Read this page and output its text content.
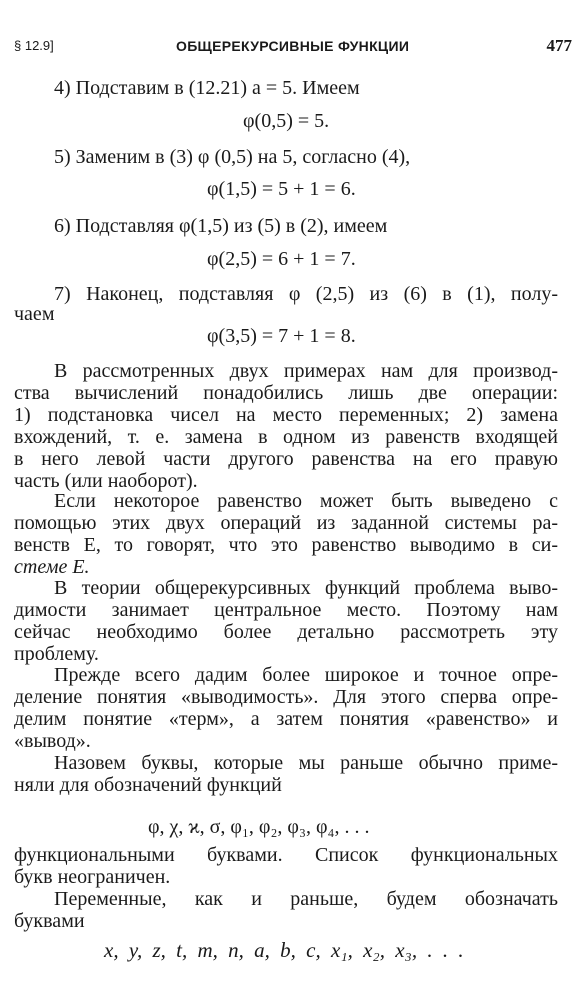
§ 12.9]	ОБЩЕРЕКУРСИВНЫЕ ФУНКЦИИ	477
4) Подставим в (12.21) a = 5. Имеем
φ(0,5) = 5.
5) Заменим в (3) φ (0,5) на 5, согласно (4),
φ(1,5) = 5 + 1 = 6.
6) Подставляя φ(1,5) из (5) в (2), имеем
φ(2,5) = 6 + 1 = 7.
7) Наконец, подставляя φ (2,5) из (6) в (1), полу-
чаем
φ(3,5) = 7 + 1 = 8.
В рассмотренных двух примерах нам для производ-
ства вычислений понадобились лишь две операции:
1) подстановка чисел на место переменных; 2) замена
вхождений, т. е. замена в одном из равенств входящей
в него левой части другого равенства на его правую
часть (или наоборот).
Если некоторое равенство может быть выведено с
помощью этих двух операций из заданной системы ра-
венств E, то говорят, что это равенство выводимо в си-
стеме E.
В теории общерекурсивных функций проблема выво-
димости занимает центральное место. Поэтому нам
сейчас необходимо более детально рассмотреть эту
проблему.
Прежде всего дадим более широкое и точное опре-
деление понятия «выводимость». Для этого сперва опре-
делим понятие «терм», а затем понятия «равенство» и
«вывод».
Назовем буквы, которые мы раньше обычно приме-
няли для обозначений функций
φ, χ, ϰ, σ, φ₁, φ₂, φ₃, φ₄, . . .
функциональными буквами. Список функциональных
букв неограничен.
Переменные, как и раньше, будем обозначать
буквами
x, y, z, t, m, n, a, b, c, x₁, x₂, x₃, . . .
